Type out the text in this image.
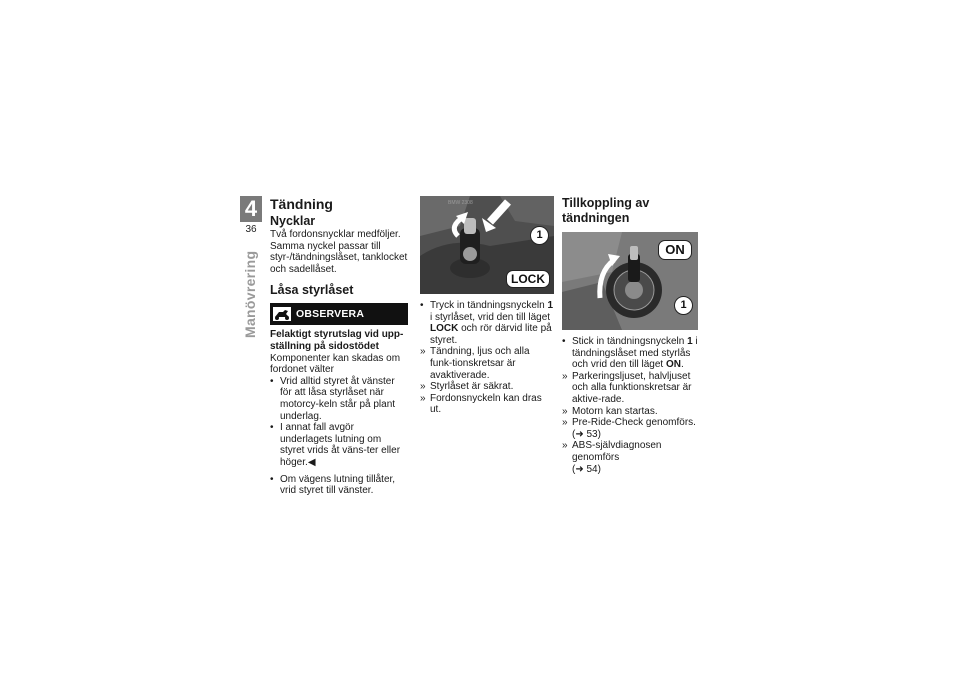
4
36
Manövrering
Tändning
Nycklar

Två fordonsnycklar medföljer. Samma nyckel passar till styr-/tändningslåset, tanklocket och sadellåset.

Låsa styrlåset
OBSERVERA

Felaktigt styrutslag vid upp-ställning på sidostödet

Komponenter kan skadas om fordonet välter

• Vrid alltid styret åt vänster för att låsa styrlåset när motorcy-keln står på plant underlag.
• I annat fall avgör underlagets lutning om styret vrids åt väns-ter eller höger.◀
• Om vägens lutning tillåter, vrid styret till vänster.
BMW 2308
1
LOCK
• Tryck in tändningsnyckeln 1 i styrlåset, vrid den till läget LOCK och rör därvid lite på styret.
» Tändning, ljus och alla funk-tionskretsar är avaktiverade.
» Styrlåset är säkrat.
» Fordonsnyckeln kan dras ut.
Tillkoppling av tändningen
ON
1
• Stick in tändningsnyckeln 1 i tändningslåset med styrlås och vrid den till läget ON.
» Parkeringsljuset, halvljuset och alla funktionskretsar är aktive-rade.
» Motorn kan startas.
» Pre-Ride-Check genomförs.
(➜ 53)
» ABS-självdiagnosen genomförs
(➜ 54)
